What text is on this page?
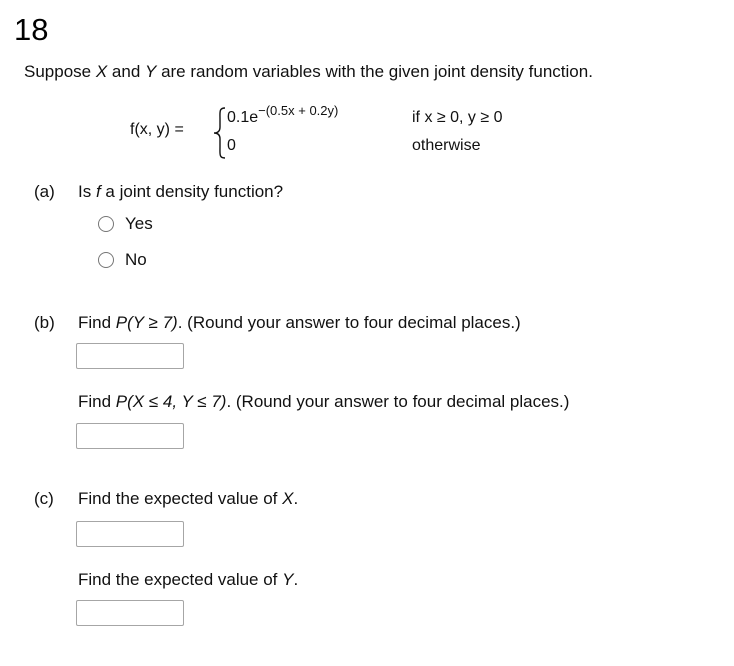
18
Suppose X and Y are random variables with the given joint density function.
f(x, y) =
$0.1e^{-(0.5x + 0.2y)}$	if x ≥ 0, y ≥ 0
0	otherwise
(a) Is f a joint density function?
Yes
No
(b) Find P(Y ≥ 7). (Round your answer to four decimal places.)
Find P(X ≤ 4, Y ≤ 7). (Round your answer to four decimal places.)
(c) Find the expected value of X.
Find the expected value of Y.
